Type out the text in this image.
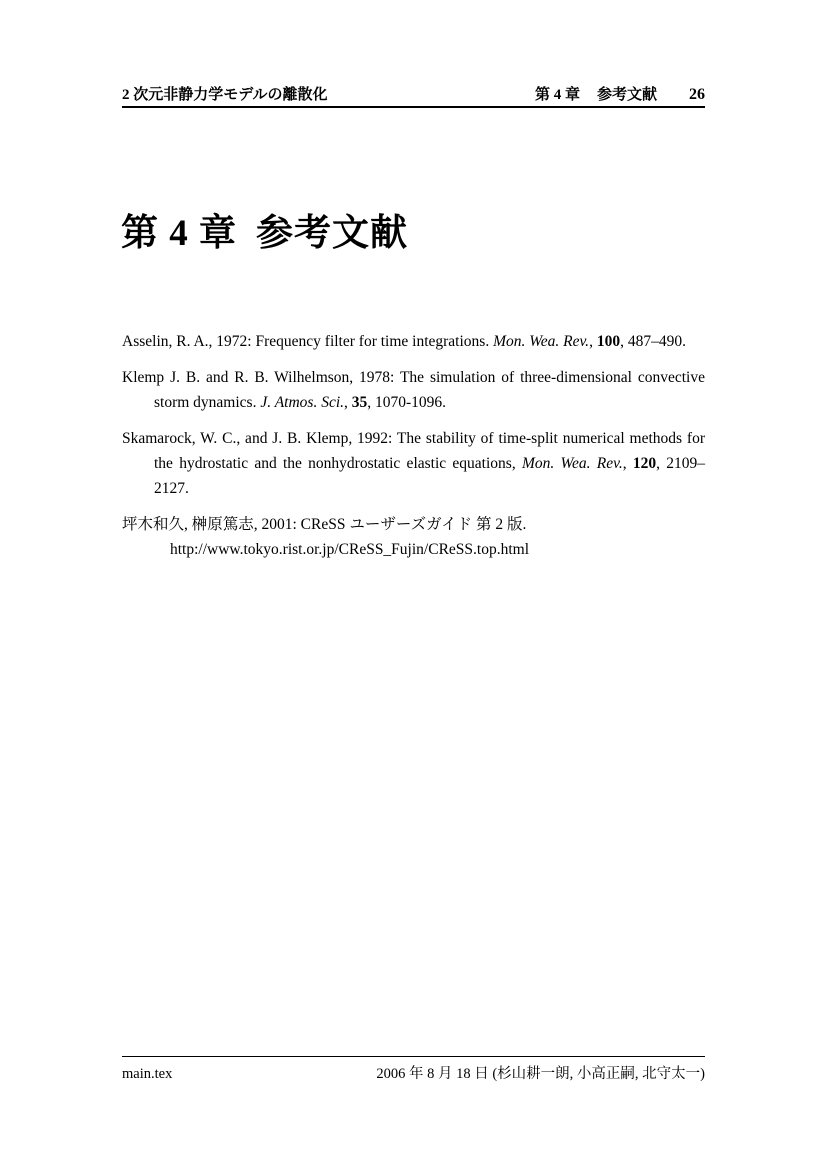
2 次元非静力学モデルの離散化	第 4 章 参考文献 26
第 4 章 参考文献
Asselin, R. A., 1972: Frequency filter for time integrations. Mon. Wea. Rev., 100, 487–490.
Klemp J. B. and R. B. Wilhelmson, 1978: The simulation of three-dimensional convective storm dynamics. J. Atmos. Sci., 35, 1070-1096.
Skamarock, W. C., and J. B. Klemp, 1992: The stability of time-split numerical methods for the hydrostatic and the nonhydrostatic elastic equations, Mon. Wea. Rev., 120, 2109–2127.
坪木和久, 榊原篤志, 2001: CReSS ユーザーズガイド 第 2 版.
http://www.tokyo.rist.or.jp/CReSS_Fujin/CReSS.top.html
main.tex	2006 年 8 月 18 日 (杉山耕一朗, 小高正嗣, 北守太一)
